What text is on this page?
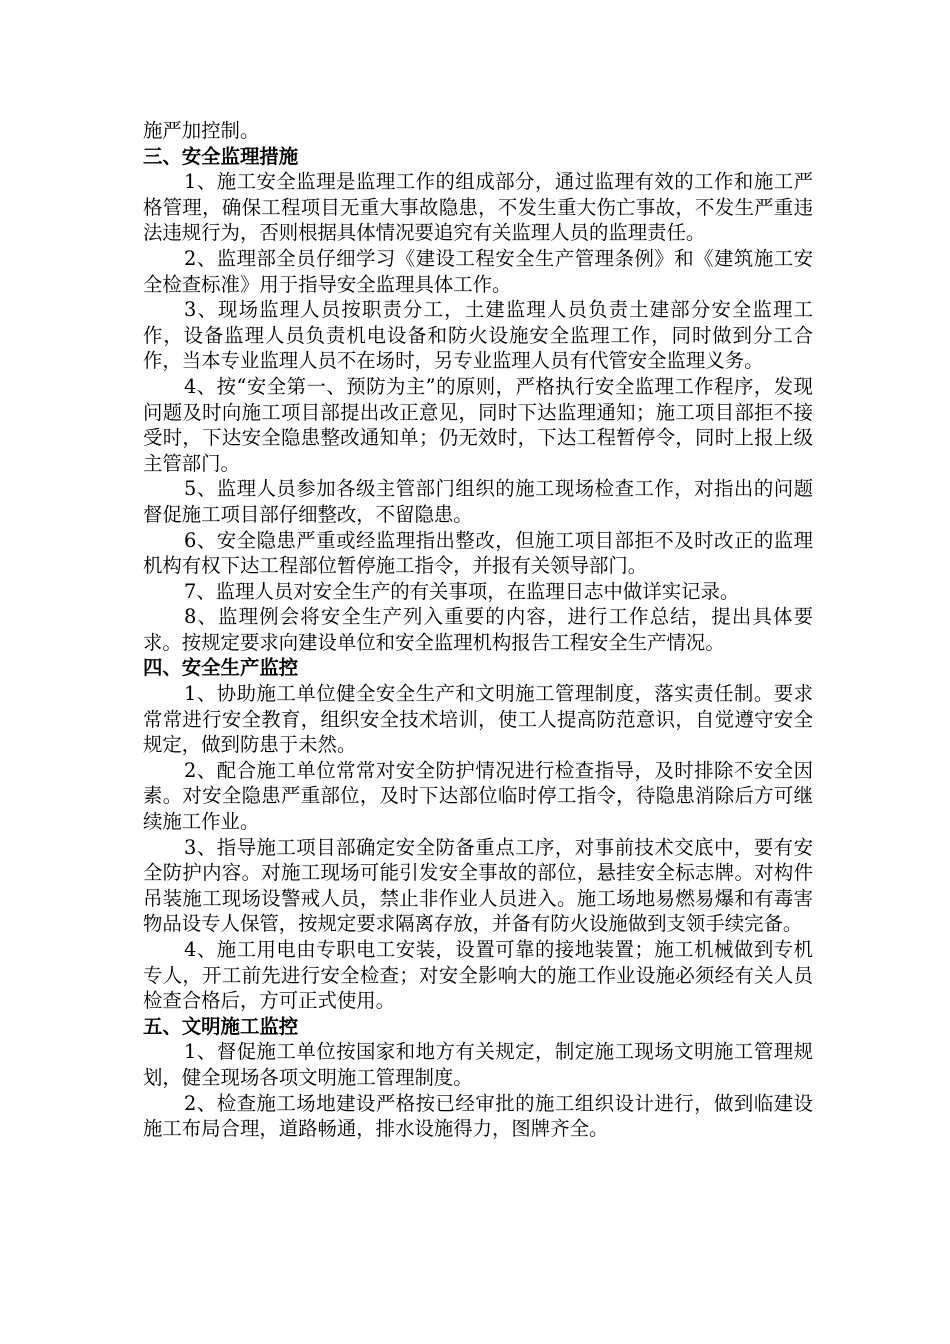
施严加控制。

三、安全监理措施

1、施工安全监理是监理工作的组成部分，通过监理有效的工作和施工严格管理，确保工程项目无重大事故隐患，不发生重大伤亡事故，不发生严重违法违规行为，否则根据具体情况要追究有关监理人员的监理责任。

2、监理部全员仔细学习《建设工程安全生产管理条例》和《建筑施工安全检查标准》用于指导安全监理具体工作。

3、现场监理人员按职责分工，土建监理人员负责土建部分安全监理工作，设备监理人员负责机电设备和防火设施安全监理工作，同时做到分工合作，当本专业监理人员不在场时，另专业监理人员有代管安全监理义务。

4、按“安全第一、预防为主”的原则，严格执行安全监理工作程序，发现问题及时向施工项目部提出改正意见，同时下达监理通知；施工项目部拒不接受时，下达安全隐患整改通知单；仍无效时，下达工程暂停令，同时上报上级主管部门。

5、监理人员参加各级主管部门组织的施工现场检查工作，对指出的问题督促施工项目部仔细整改，不留隐患。

6、安全隐患严重或经监理指出整改，但施工项目部拒不及时改正的监理机构有权下达工程部位暂停施工指令，并报有关领导部门。

7、监理人员对安全生产的有关事项，在监理日志中做详实记录。

8、监理例会将安全生产列入重要的内容，进行工作总结，提出具体要求。按规定要求向建设单位和安全监理机构报告工程安全生产情况。

四、安全生产监控

1、协助施工单位健全安全生产和文明施工管理制度，落实责任制。要求常常进行安全教育，组织安全技术培训，使工人提高防范意识，自觉遵守安全规定，做到防患于未然。

2、配合施工单位常常对安全防护情况进行检查指导，及时排除不安全因素。对安全隐患严重部位，及时下达部位临时停工指令，待隐患消除后方可继续施工作业。

3、指导施工项目部确定安全防备重点工序，对事前技术交底中，要有安全防护内容。对施工现场可能引发安全事故的部位，悬挂安全标志牌。对构件吊装施工现场设警戒人员，禁止非作业人员进入。施工场地易燃易爆和有毒害物品设专人保管，按规定要求隔离存放，并备有防火设施做到支领手续完备。

4、施工用电由专职电工安装，设置可靠的接地装置；施工机械做到专机专人，开工前先进行安全检查；对安全影响大的施工作业设施必须经有关人员检查合格后，方可正式使用。

五、文明施工监控

1、督促施工单位按国家和地方有关规定，制定施工现场文明施工管理规划，健全现场各项文明施工管理制度。

2、检查施工场地建设严格按已经审批的施工组织设计进行，做到临建设施工布局合理，道路畅通，排水设施得力，图牌齐全。
